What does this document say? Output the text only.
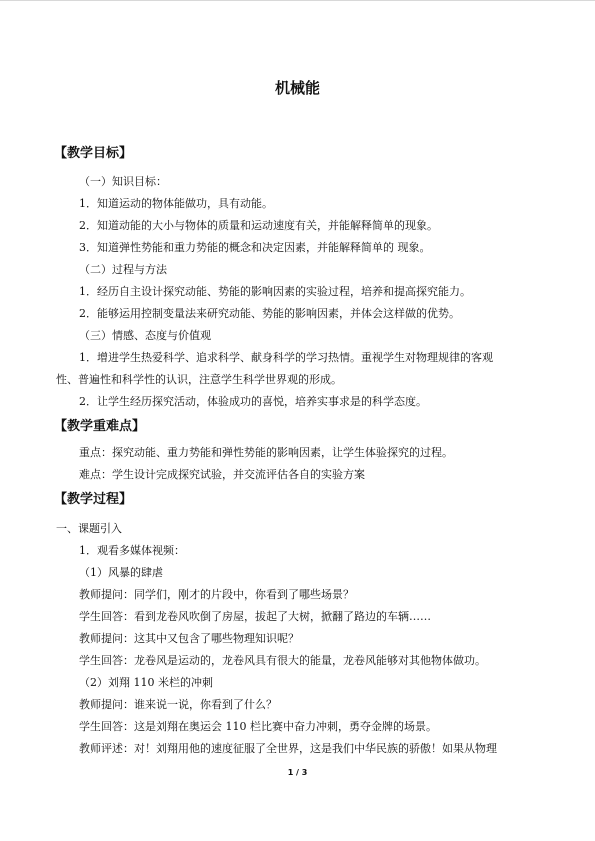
机械能
【教学目标】
（一）知识目标：
1．知道运动的物体能做功，具有动能。
2．知道动能的大小与物体的质量和运动速度有关，并能解释简单的现象。
3．知道弹性势能和重力势能的概念和决定因素，并能解释简单的 现象。
（二）过程与方法
1．经历自主设计探究动能、势能的影响因素的实验过程，培养和提高探究能力。
2．能够运用控制变量法来研究动能、势能的影响因素，并体会这样做的优势。
（三）情感、态度与价值观
1．增进学生热爱科学、追求科学、献身科学的学习热情。重视学生对物理规律的客观
性、普遍性和科学性的认识，注意学生科学世界观的形成。
2．让学生经历探究活动，体验成功的喜悦，培养实事求是的科学态度。
【教学重难点】
重点：探究动能、重力势能和弹性势能的影响因素，让学生体验探究的过程。
难点：学生设计完成探究试验，并交流评估各自的实验方案
【教学过程】
一、课题引入
1．观看多媒体视频：
（1）风暴的肆虐
教师提问：同学们，刚才的片段中，你看到了哪些场景？
学生回答：看到龙卷风吹倒了房屋，拔起了大树，掀翻了路边的车辆……
教师提问：这其中又包含了哪些物理知识呢？
学生回答：龙卷风是运动的，龙卷风具有很大的能量，龙卷风能够对其他物体做功。
（2）刘翔 110 米栏的冲刺
教师提问：谁来说一说，你看到了什么？
学生回答：这是刘翔在奥运会 110 栏比赛中奋力冲刺，勇夺金牌的场景。
教师评述：对！刘翔用他的速度征服了全世界，这是我们中华民族的骄傲！如果从物理
1 / 3
